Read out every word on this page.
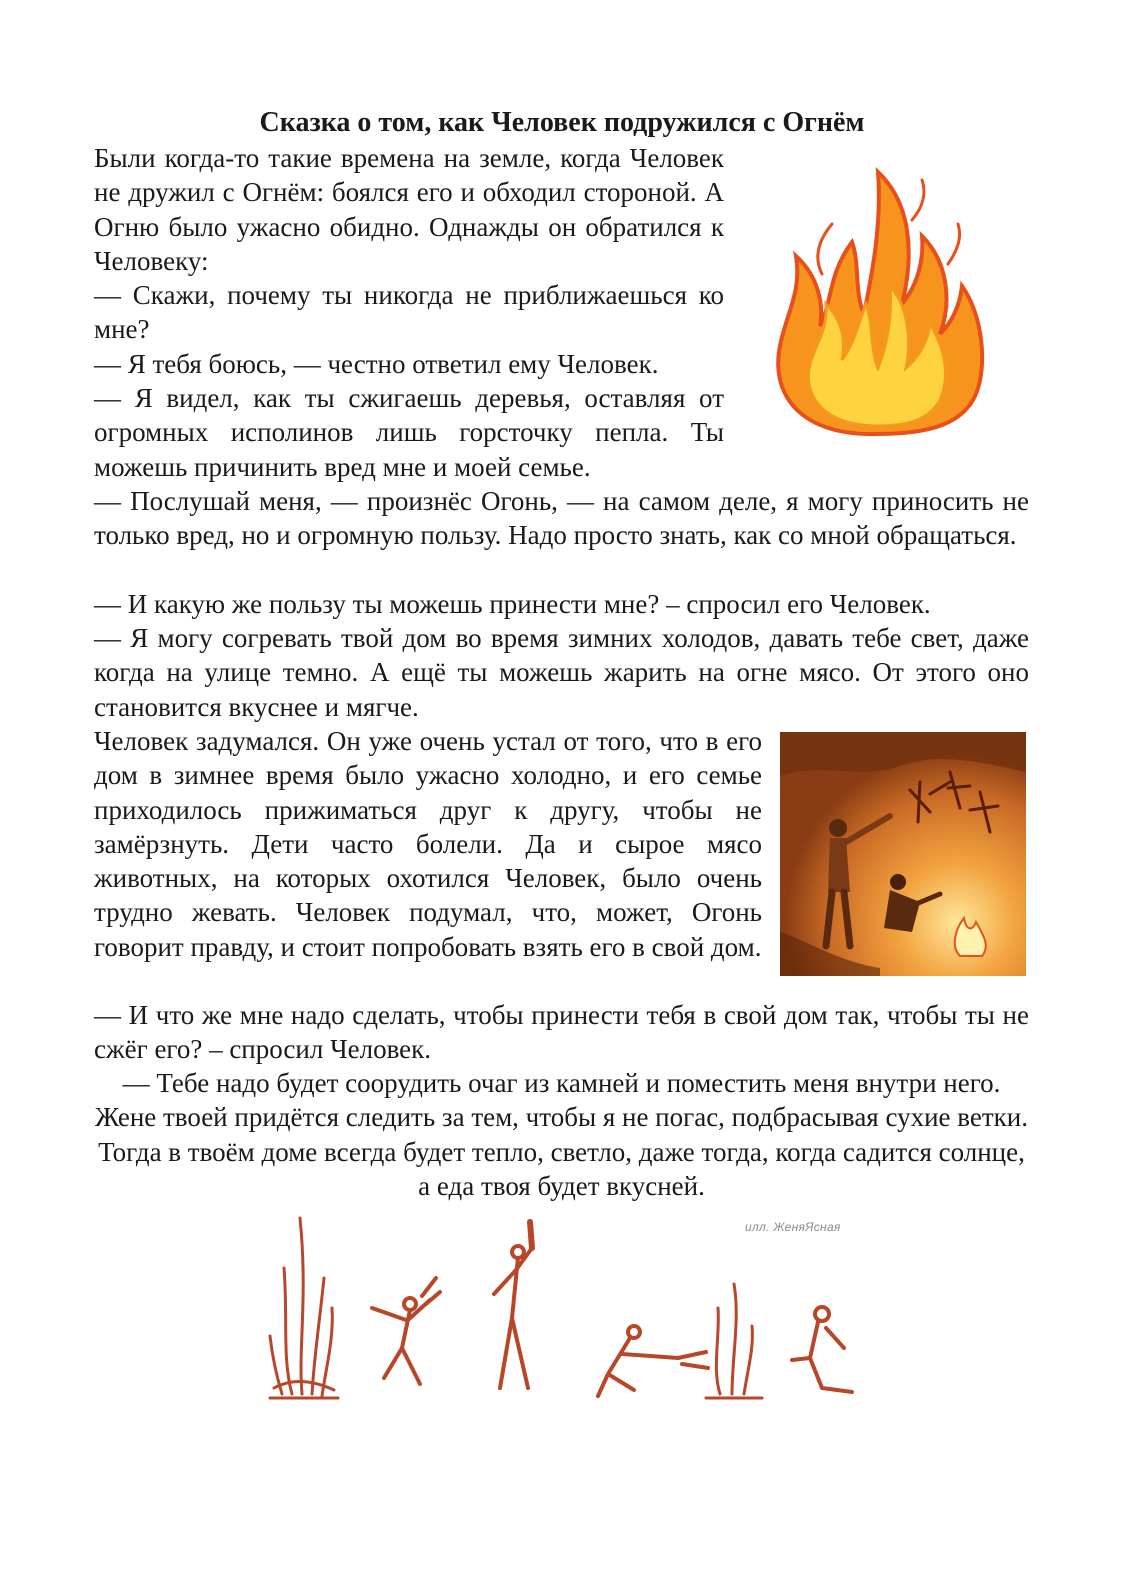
Сказка о том, как Человек подружился с Огнём

Были когда-то такие времена на земле, когда Человек не дружил с Огнём: боялся его и обходил стороной. А Огню было ужасно обидно. Однажды он обратился к Человеку:

— Скажи, почему ты никогда не приближаешься ко мне?

— Я тебя боюсь, — честно ответил ему Человек.

— Я видел, как ты сжигаешь деревья, оставляя от огромных исполинов лишь горсточку пепла. Ты можешь причинить вред мне и моей семье.

— Послушай меня, — произнёс Огонь, — на самом деле, я могу приносить не только вред, но и огромную пользу. Надо просто знать, как со мной обращаться.

— И какую же пользу ты можешь принести мне? – спросил его Человек.

— Я могу согревать твой дом во время зимних холодов, давать тебе свет, даже когда на улице темно. А ещё ты можешь жарить на огне мясо. От этого оно становится вкуснее и мягче.

Человек задумался. Он уже очень устал от того, что в его дом в зимнее время было ужасно холодно, и его семье приходилось прижиматься друг к другу, чтобы не замёрзнуть. Дети часто болели. Да и сырое мясо животных, на которых охотился Человек, было очень трудно жевать. Человек подумал, что, может, Огонь говорит правду, и стоит попробовать взять его в свой дом.

— И что же мне надо сделать, чтобы принести тебя в свой дом так, чтобы ты не сжёг его? – спросил Человек.

— Тебе надо будет соорудить очаг из камней и поместить меня внутри него. Жене твоей придётся следить за тем, чтобы я не погас, подбрасывая сухие ветки. Тогда в твоём доме всегда будет тепло, светло, даже тогда, когда садится солнце, а еда твоя будет вкусней.

илл. ЖеняЯсная
